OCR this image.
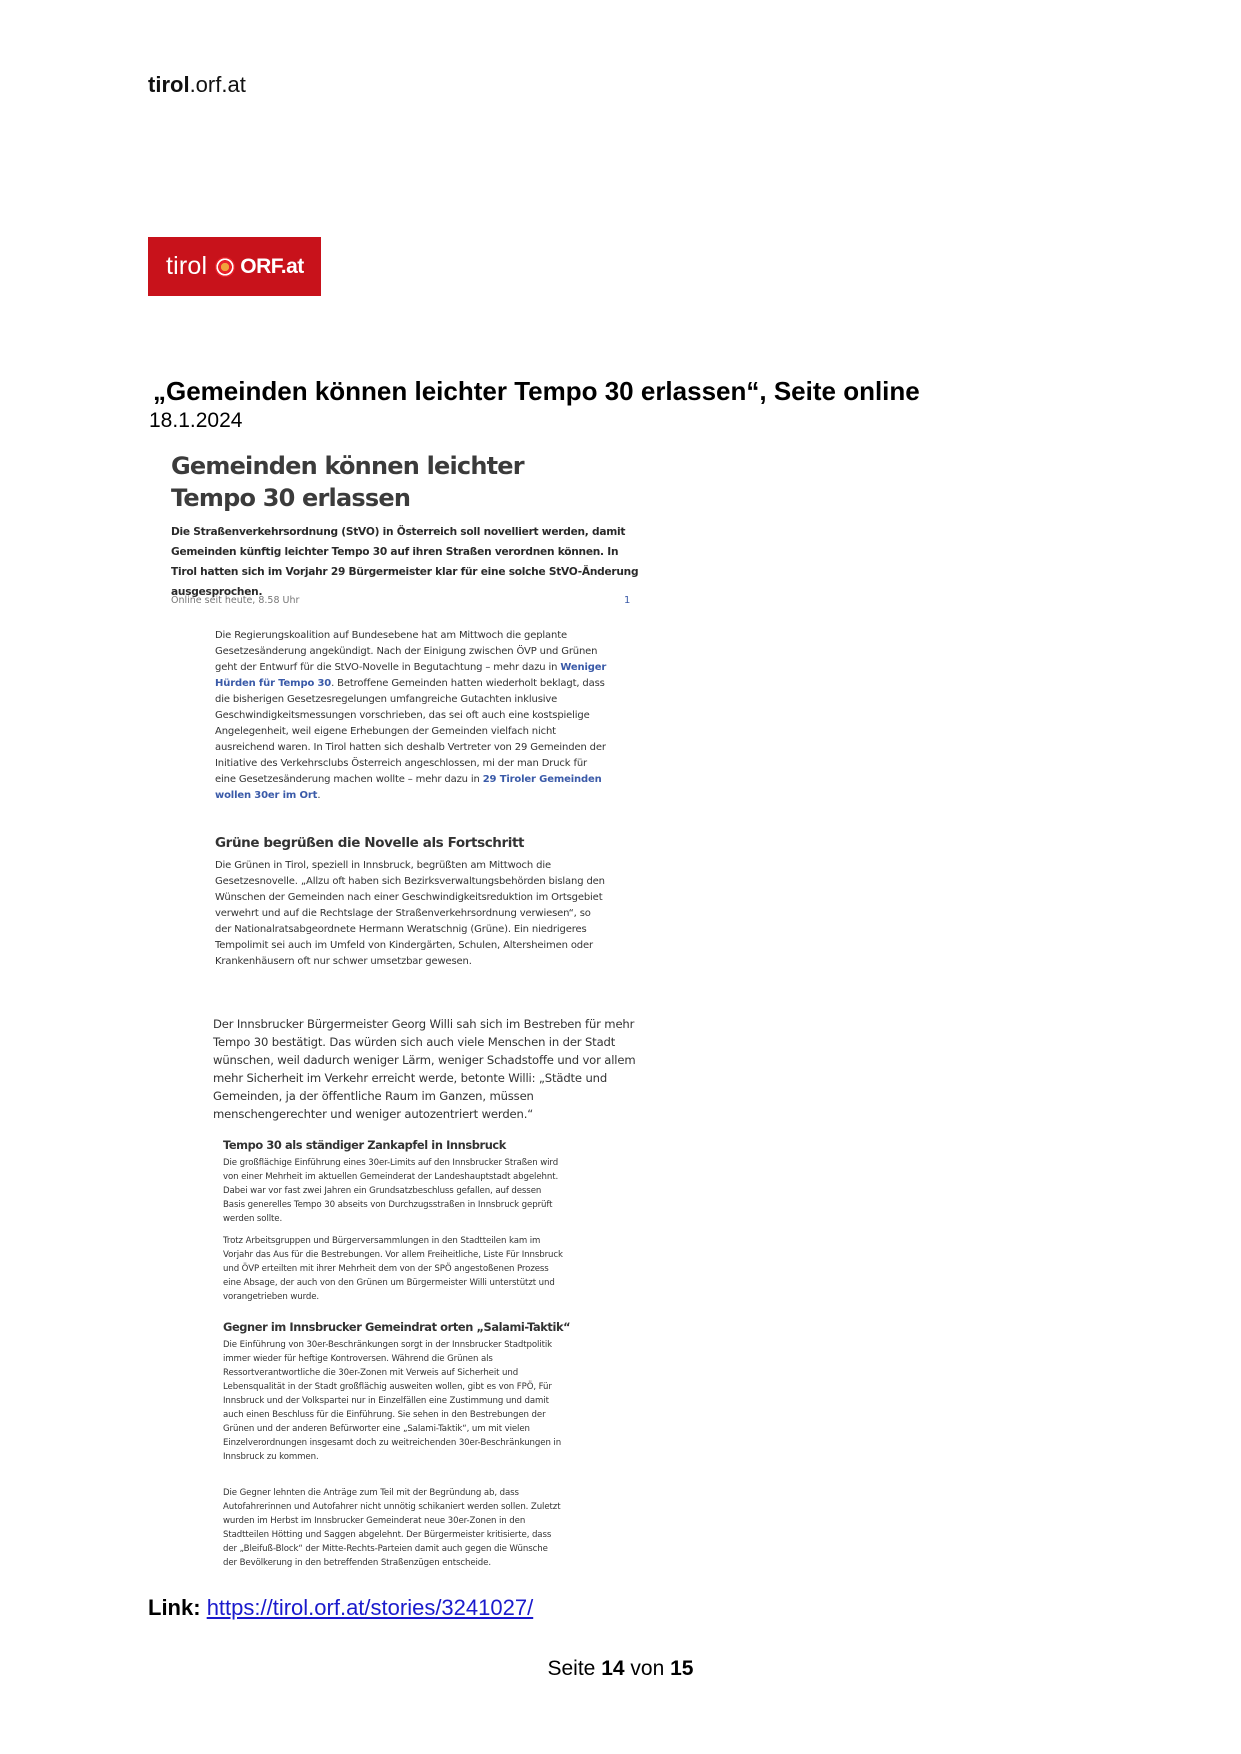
tirol.orf.at
tirol ORF.at
„Gemeinden können leichter Tempo 30 erlassen“, Seite online
18.1.2024
Gemeinden können leichter Tempo 30 erlassen
Die Straßenverkehrsordnung (StVO) in Österreich soll novelliert werden, damit Gemeinden künftig leichter Tempo 30 auf ihren Straßen verordnen können. In Tirol hatten sich im Vorjahr 29 Bürgermeister klar für eine solche StVO-Änderung ausgesprochen.
Online seit heute, 8.58 Uhr	1
Die Regierungskoalition auf Bundesebene hat am Mittwoch die geplante Gesetzesänderung angekündigt. Nach der Einigung zwischen ÖVP und Grünen geht der Entwurf für die StVO-Novelle in Begutachtung – mehr dazu in Weniger Hürden für Tempo 30. Betroffene Gemeinden hatten wiederholt beklagt, dass die bisherigen Gesetzesregelungen umfangreiche Gutachten inklusive Geschwindigkeitsmessungen vorschrieben, das sei oft auch eine kostspielige Angelegenheit, weil eigene Erhebungen der Gemeinden vielfach nicht ausreichend waren. In Tirol hatten sich deshalb Vertreter von 29 Gemeinden der Initiative des Verkehrsclubs Österreich angeschlossen, mi der man Druck für eine Gesetzesänderung machen wollte – mehr dazu in 29 Tiroler Gemeinden wollen 30er im Ort.
Grüne begrüßen die Novelle als Fortschritt
Die Grünen in Tirol, speziell in Innsbruck, begrüßten am Mittwoch die Gesetzesnovelle. „Allzu oft haben sich Bezirksverwaltungsbehörden bislang den Wünschen der Gemeinden nach einer Geschwindigkeitsreduktion im Ortsgebiet verwehrt und auf die Rechtslage der Straßenverkehrsordnung verwiesen“, so der Nationalratsabgeordnete Hermann Weratschnig (Grüne). Ein niedrigeres Tempolimit sei auch im Umfeld von Kindergärten, Schulen, Altersheimen oder Krankenhäusern oft nur schwer umsetzbar gewesen.
Der Innsbrucker Bürgermeister Georg Willi sah sich im Bestreben für mehr Tempo 30 bestätigt. Das würden sich auch viele Menschen in der Stadt wünschen, weil dadurch weniger Lärm, weniger Schadstoffe und vor allem mehr Sicherheit im Verkehr erreicht werde, betonte Willi: „Städte und Gemeinden, ja der öffentliche Raum im Ganzen, müssen menschengerechter und weniger autozentriert werden.“
Tempo 30 als ständiger Zankapfel in Innsbruck
Die großflächige Einführung eines 30er-Limits auf den Innsbrucker Straßen wird von einer Mehrheit im aktuellen Gemeinderat der Landeshauptstadt abgelehnt. Dabei war vor fast zwei Jahren ein Grundsatzbeschluss gefallen, auf dessen Basis generelles Tempo 30 abseits von Durchzugsstraßen in Innsbruck geprüft werden sollte.
Trotz Arbeitsgruppen und Bürgerversammlungen in den Stadtteilen kam im Vorjahr das Aus für die Bestrebungen. Vor allem Freiheitliche, Liste Für Innsbruck und ÖVP erteilten mit ihrer Mehrheit dem von der SPÖ angestoßenen Prozess eine Absage, der auch von den Grünen um Bürgermeister Willi unterstützt und vorangetrieben wurde.
Gegner im Innsbrucker Gemeindrat orten „Salami-Taktik“
Die Einführung von 30er-Beschränkungen sorgt in der Innsbrucker Stadtpolitik immer wieder für heftige Kontroversen. Während die Grünen als Ressortverantwortliche die 30er-Zonen mit Verweis auf Sicherheit und Lebensqualität in der Stadt großflächig ausweiten wollen, gibt es von FPÖ, Für Innsbruck und der Volkspartei nur in Einzelfällen eine Zustimmung und damit auch einen Beschluss für die Einführung. Sie sehen in den Bestrebungen der Grünen und der anderen Befürworter eine „Salami-Taktik“, um mit vielen Einzelverordnungen insgesamt doch zu weitreichenden 30er-Beschränkungen in Innsbruck zu kommen.
Die Gegner lehnten die Anträge zum Teil mit der Begründung ab, dass Autofahrerinnen und Autofahrer nicht unnötig schikaniert werden sollen. Zuletzt wurden im Herbst im Innsbrucker Gemeinderat neue 30er-Zonen in den Stadtteilen Hötting und Saggen abgelehnt. Der Bürgermeister kritisierte, dass der „Bleifuß-Block“ der Mitte-Rechts-Parteien damit auch gegen die Wünsche der Bevölkerung in den betreffenden Straßenzügen entscheide.
Link: https://tirol.orf.at/stories/3241027/
Seite 14 von 15
